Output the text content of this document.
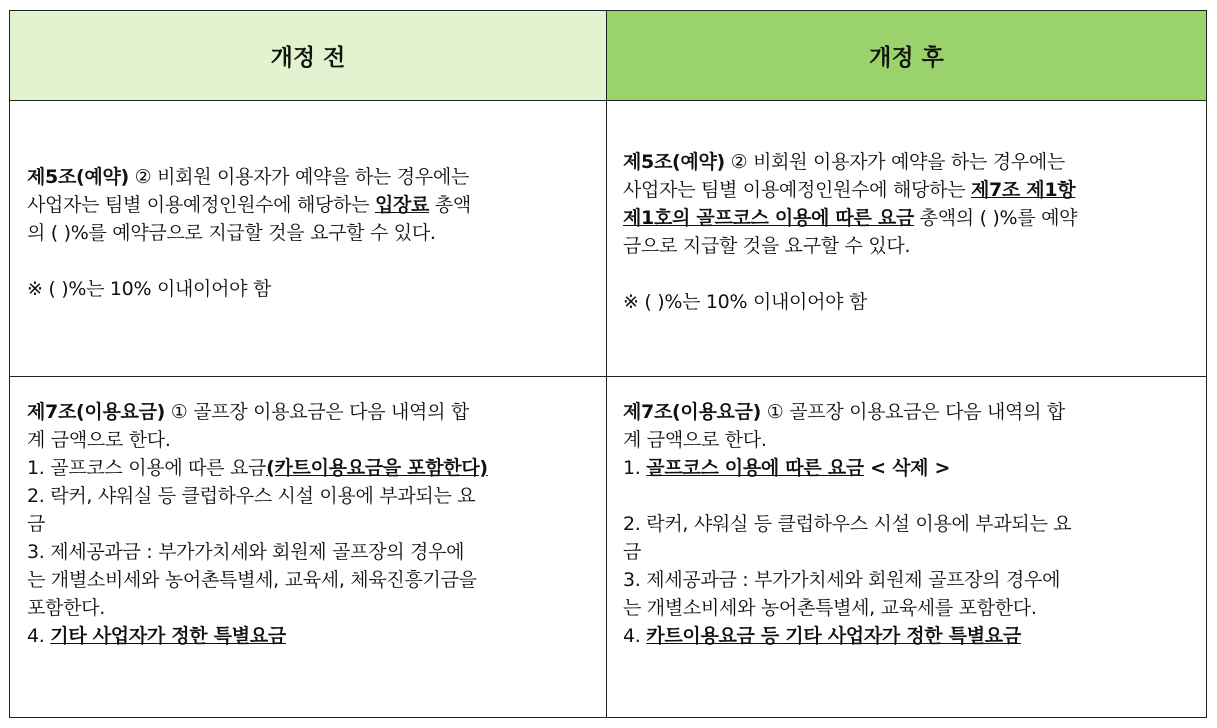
개정 전	개정 후
제5조(예약) ② 비회원 이용자가 예약을 하는 경우에는
사업자는 팀별 이용예정인원수에 해당하는 입장료 총액
의 ( )%를 예약금으로 지급할 것을 요구할 수 있다.
※ ( )%는 10% 이내이어야 함
제5조(예약) ② 비회원 이용자가 예약을 하는 경우에는
사업자는 팀별 이용예정인원수에 해당하는 제7조 제1항
제1호의 골프코스 이용에 따른 요금 총액의 ( )%를 예약
금으로 지급할 것을 요구할 수 있다.
※ ( )%는 10% 이내이어야 함
제7조(이용요금) ① 골프장 이용요금은 다음 내역의 합
계 금액으로 한다.
1. 골프코스 이용에 따른 요금(카트이용요금을 포함한다)
2. 락커, 샤워실 등 클럽하우스 시설 이용에 부과되는 요
금
3. 제세공과금 : 부가가치세와 회원제 골프장의 경우에
는 개별소비세와 농어촌특별세, 교육세, 체육진흥기금을
포함한다.
4. 기타 사업자가 정한 특별요금
제7조(이용요금) ① 골프장 이용요금은 다음 내역의 합
계 금액으로 한다.
1. 골프코스 이용에 따른 요금 < 삭제 >
2. 락커, 샤워실 등 클럽하우스 시설 이용에 부과되는 요
금
3. 제세공과금 : 부가가치세와 회원제 골프장의 경우에
는 개별소비세와 농어촌특별세, 교육세를 포함한다.
4. 카트이용요금 등 기타 사업자가 정한 특별요금
